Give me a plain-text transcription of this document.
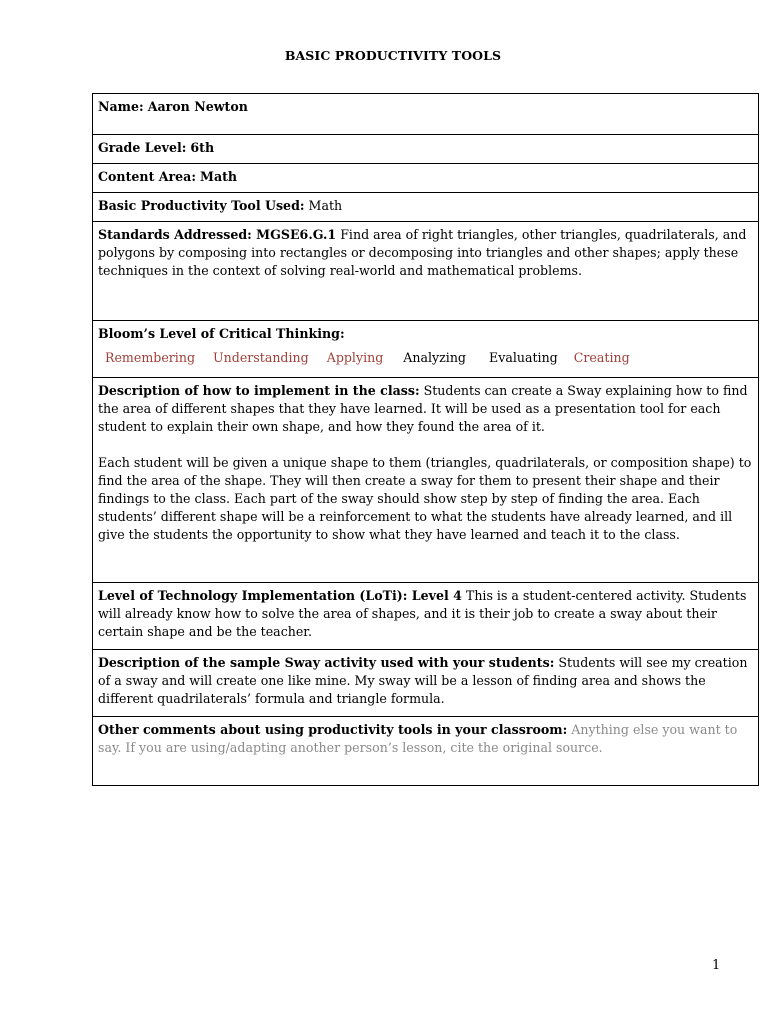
BASIC PRODUCTIVITY TOOLS
Name: Aaron Newton
Grade Level: 6th
Content Area: Math
Basic Productivity Tool Used: Math
Standards Addressed: MGSE6.G.1 Find area of right triangles, other triangles, quadrilaterals, and polygons by composing into rectangles or decomposing into triangles and other shapes; apply these techniques in the context of solving real-world and mathematical problems.

Bloom’s Level of Critical Thinking:
Remembering Understanding Applying Analyzing Evaluating Creating

Description of how to implement in the class: Students can create a Sway explaining how to find the area of different shapes that they have learned. It will be used as a presentation tool for each student to explain their own shape, and how they found the area of it.
Each student will be given a unique shape to them (triangles, quadrilaterals, or composition shape) to find the area of the shape. They will then create a sway for them to present their shape and their findings to the class. Each part of the sway should show step by step of finding the area. Each students’ different shape will be a reinforcement to what the students have already learned, and ill give the students the opportunity to show what they have learned and teach it to the class.

Level of Technology Implementation (LoTi): Level 4 This is a student-centered activity. Students will already know how to solve the area of shapes, and it is their job to create a sway about their certain shape and be the teacher.
Description of the sample Sway activity used with your students: Students will see my creation of a sway and will create one like mine. My sway will be a lesson of finding area and shows the different quadrilaterals’ formula and triangle formula.
Other comments about using productivity tools in your classroom: Anything else you want to say. If you are using/adapting another person’s lesson, cite the original source.
1
